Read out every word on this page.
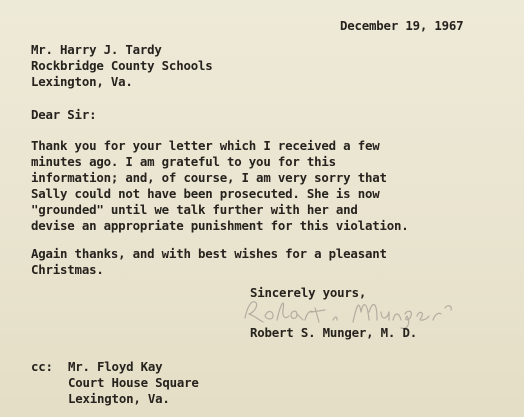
December 19, 1967
Mr. Harry J. Tardy
Rockbridge County Schools
Lexington, Va.
Dear Sir:
Thank you for your letter which I received a few
minutes ago. I am grateful to you for this
information; and, of course, I am very sorry that
Sally could not have been prosecuted. She is now
"grounded" until we talk further with her and
devise an appropriate punishment for this violation.
Again thanks, and with best wishes for a pleasant
Christmas.
Sincerely yours,
Robert S. Munger, M. D.
cc: Mr. Floyd Kay
Court House Square
Lexington, Va.
